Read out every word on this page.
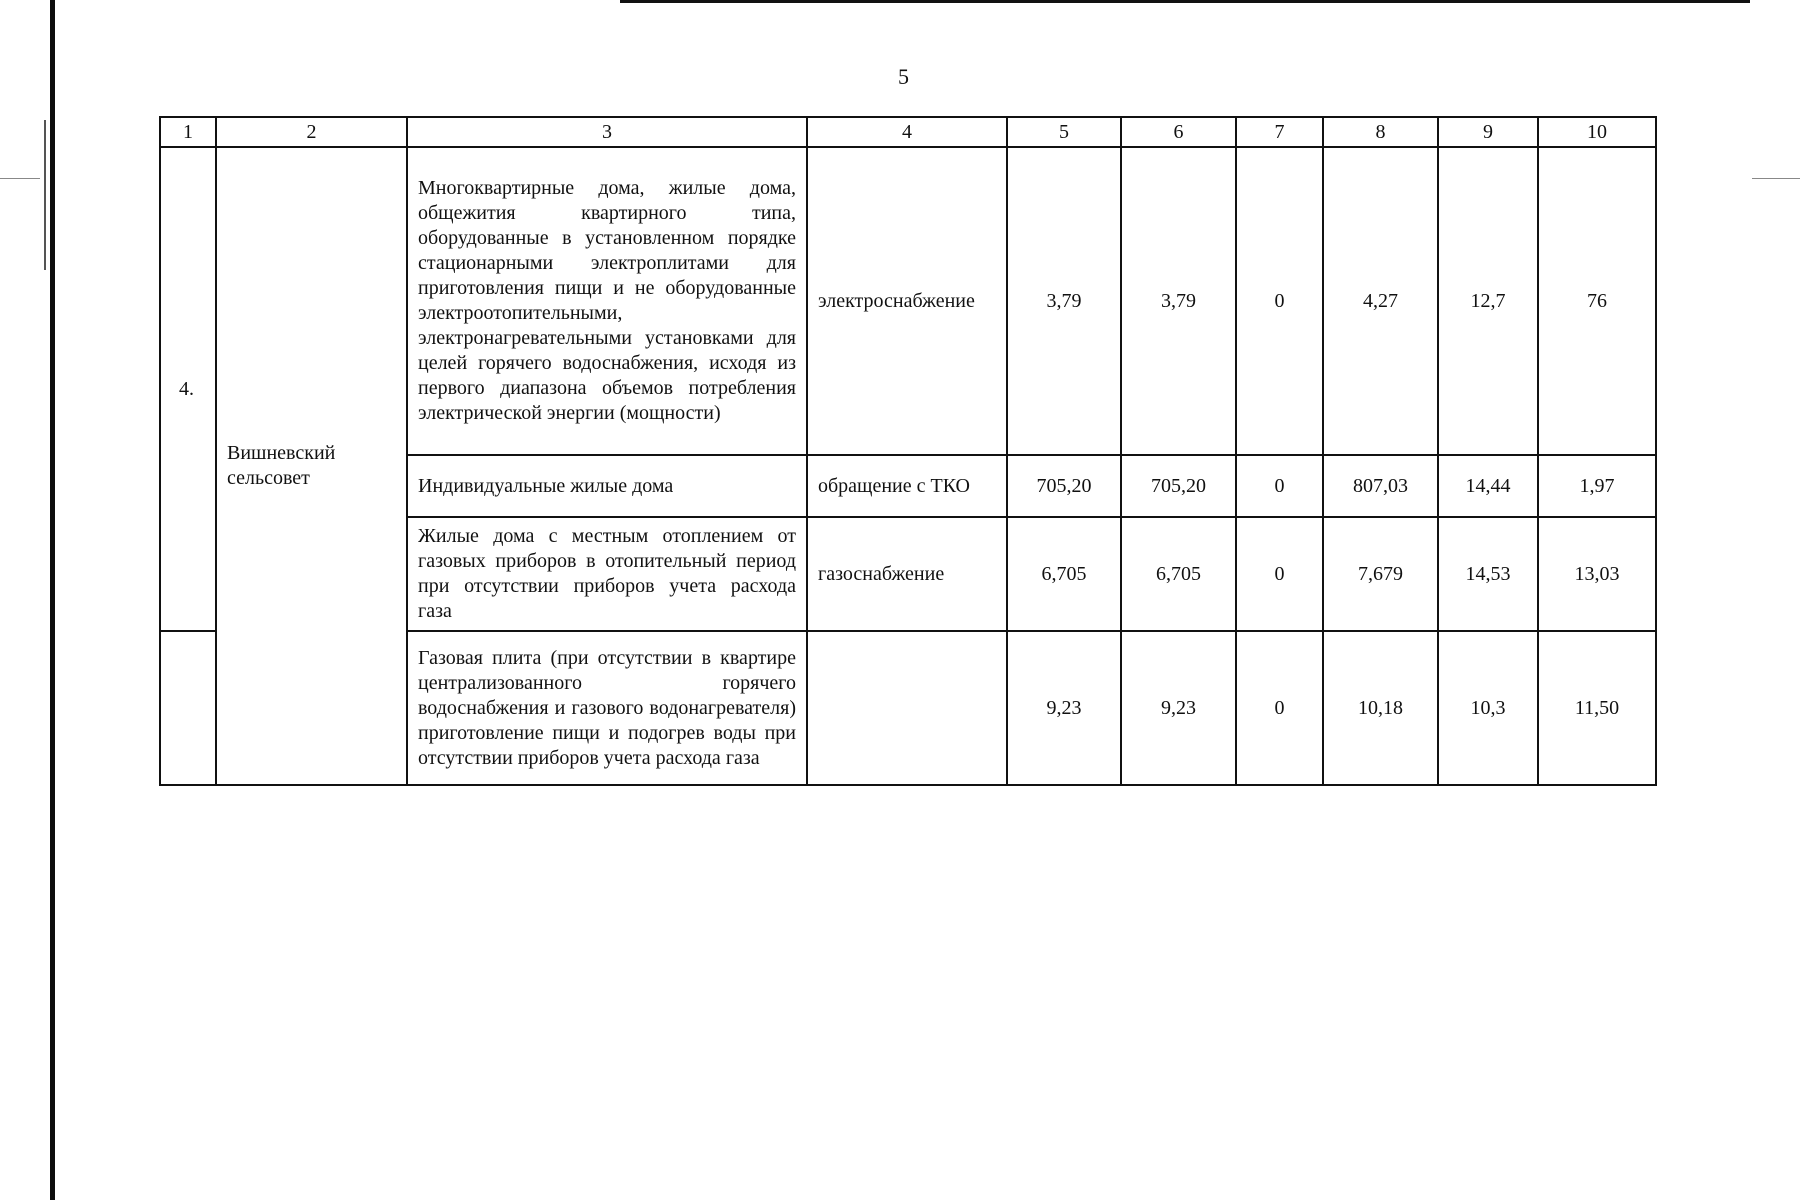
5
1	2	3	4	5	6	7	8	9	10
4.	Вишневский сельсовет	Многоквартирные дома, жилые дома, общежития квартирного типа, оборудованные в установленном порядке стационарными электроплитами для приготовления пищи и не оборудованные электроотопительными, электронагревательными установками для целей горячего водоснабжения, исходя из первого диапазона объемов потребления электрической энергии (мощности)	электроснабжение	3,79	3,79	0	4,27	12,7	76
		Индивидуальные жилые дома	обращение с ТКО	705,20	705,20	0	807,03	14,44	1,97
		Жилые дома с местным отоплением от газовых приборов в отопительный период при отсутствии приборов учета расхода газа	газоснабжение	6,705	6,705	0	7,679	14,53	13,03
		Газовая плита (при отсутствии в квартире централизованного горячего водоснабжения и газового водонагревателя) приготовление пищи и подогрев воды при отсутствии приборов учета расхода газа		9,23	9,23	0	10,18	10,3	11,50
